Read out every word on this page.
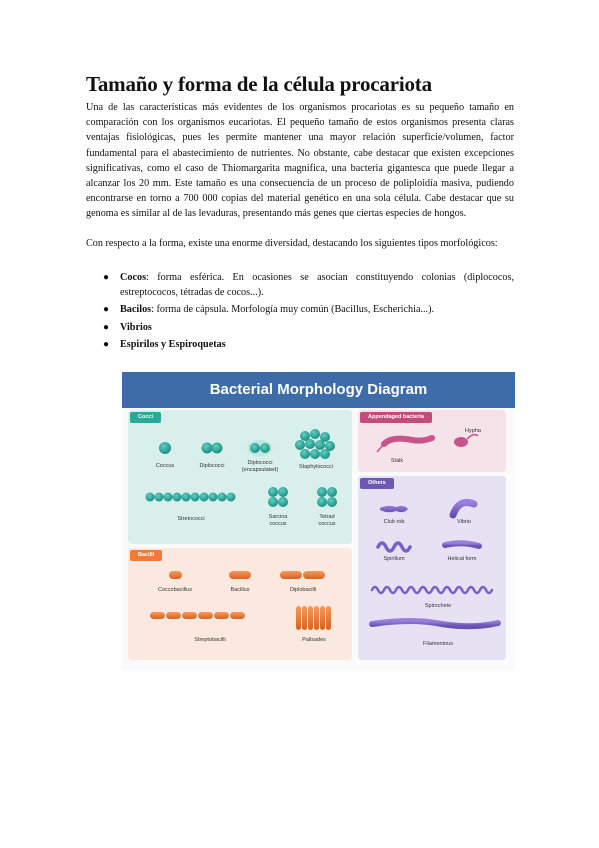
Tamaño y forma de la célula procariota

Una de las características más evidentes de los organismos procariotas es su pequeño tamaño en comparación con los organismos eucariotas. El pequeño tamaño de estos organismos presenta claras ventajas fisiológicas, pues les permite mantener una mayor relación superficie/volumen, factor fundamental para el abastecimiento de nutrientes. No obstante, cabe destacar que existen excepciones significativas, como el caso de Thiomargarita magnifica, una bacteria gigantesca que puede llegar a alcanzar los 20 mm. Este tamaño es una consecuencia de un proceso de poliploidía masiva, pudiendo encontrarse en torno a 700 000 copias del material genético en una sola célula. Cabe destacar que su genoma es similar al de las levaduras, presentando más genes que ciertas especies de hongos.

Con respecto a la forma, existe una enorme diversidad, destacando los siguientes tipos morfológicos:

● Cocos: forma esférica. En ocasiones se asocian constituyendo colonias (diplococos, estreptococos, tétradas de cocos...).
● Bacilos: forma de cápsula. Morfología muy común (Bacillus, Escherichia...).
● Vibrios
● Espirilos y Espiroquetas
Bacterial Morphology Diagram
Cocci
Bacilli
Appendaged bacteria
Others
Coccus	Diplococci	Diplococci
(encapsulated)	Staphylococci
Stretococci	Sarcina
coccus
Tetrad
coccus
Coccobacillus	Bacillus	Diplobacilli
Streptobacilli	Palisades
Hypha
Stalk
Club rob	Vibrio
Spirillum	Helical form
Spirochete
Filamentous
